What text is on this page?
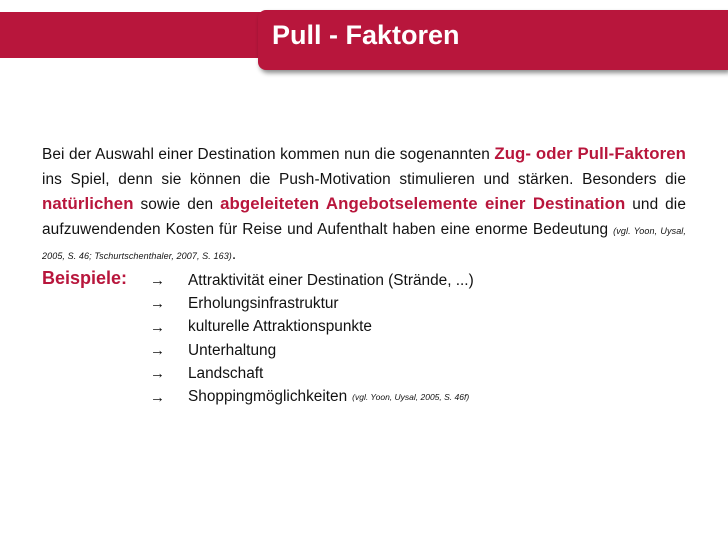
Pull - Faktoren

Bei der Auswahl einer Destination kommen nun die sogenannten Zug- oder Pull-Faktoren ins Spiel, denn sie können die Push-Motivation stimulieren und stärken. Besonders die natürlichen sowie den abgeleiteten Angebotselemente einer Destination und die aufzuwendenden Kosten für Reise und Aufenthalt haben eine enorme Bedeutung (vgl. Yoon, Uysal, 2005, S. 46; Tschurtschenthaler, 2007, S. 163).

Beispiele: →	Attraktivität einer Destination (Strände, ...)
→	Erholungsinfrastruktur
→	kulturelle Attraktionspunkte
→	Unterhaltung
→	Landschaft
→	Shoppingmöglichkeiten (vgl. Yoon, Uysal, 2005, S. 46f)
